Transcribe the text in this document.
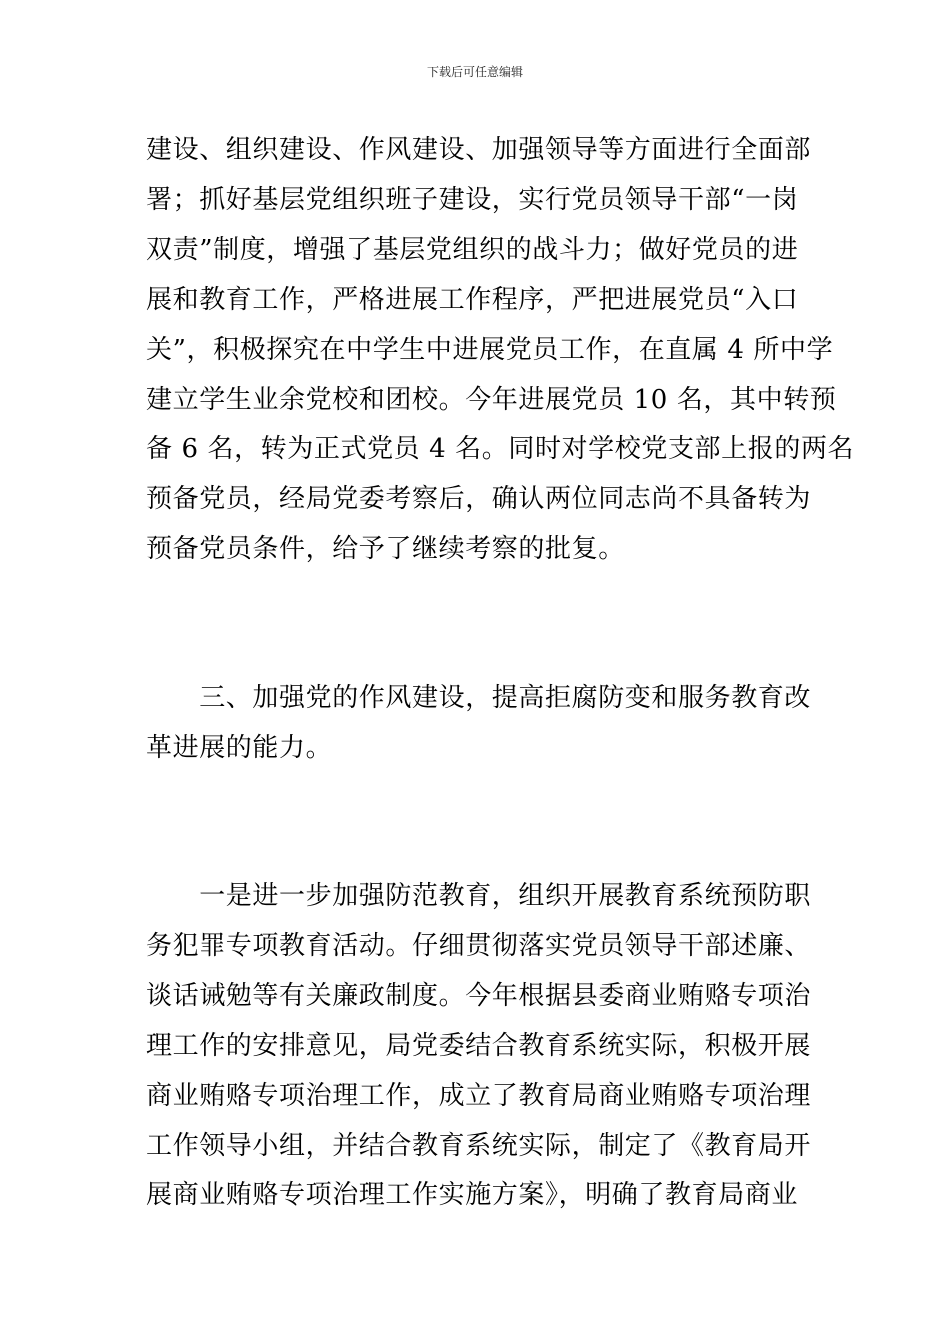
下载后可任意编辑
建设、组织建设、作风建设、加强领导等方面进行全面部
署；抓好基层党组织班子建设，实行党员领导干部“一岗
双责”制度，增强了基层党组织的战斗力；做好党员的进
展和教育工作，严格进展工作程序，严把进展党员“入口
关”，积极探究在中学生中进展党员工作，在直属 4 所中学
建立学生业余党校和团校。今年进展党员 10 名，其中转预
备 6 名，转为正式党员 4 名。同时对学校党支部上报的两名
预备党员，经局党委考察后，确认两位同志尚不具备转为
预备党员条件，给予了继续考察的批复。
　　三、加强党的作风建设，提高拒腐防变和服务教育改
革进展的能力。
　　一是进一步加强防范教育，组织开展教育系统预防职
务犯罪专项教育活动。仔细贯彻落实党员领导干部述廉、
谈话诫勉等有关廉政制度。今年根据县委商业贿赂专项治
理工作的安排意见，局党委结合教育系统实际，积极开展
商业贿赂专项治理工作，成立了教育局商业贿赂专项治理
工作领导小组，并结合教育系统实际，制定了《教育局开
展商业贿赂专项治理工作实施方案》，明确了教育局商业
